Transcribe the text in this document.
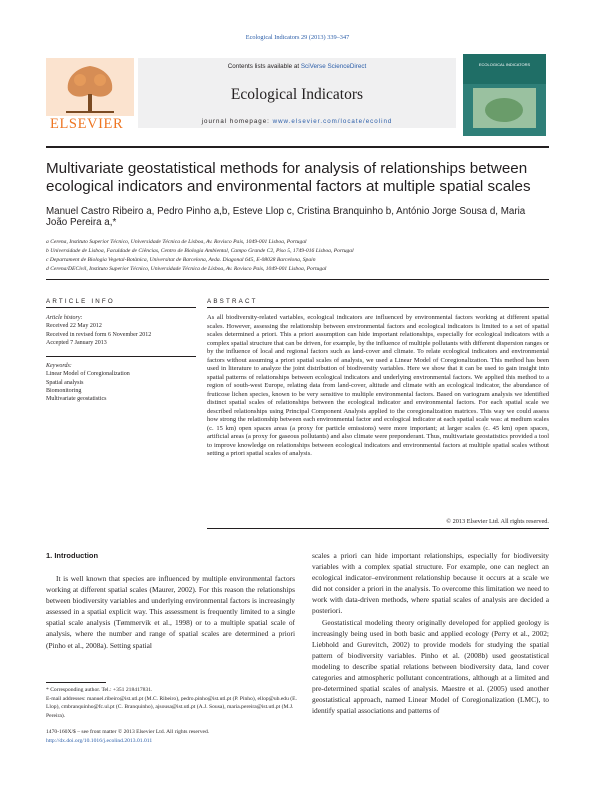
Ecological Indicators 29 (2013) 339–347
ELSEVIER
Contents lists available at SciVerse ScienceDirect
Ecological Indicators
journal homepage: www.elsevier.com/locate/ecolind
ECOLOGICAL INDICATORS
Multivariate geostatistical methods for analysis of relationships between ecological indicators and environmental factors at multiple spatial scales
Manuel Castro Ribeiro a, Pedro Pinho a,b, Esteve Llop c, Cristina Branquinho b, António Jorge Sousa d, Maria João Pereira a,*
a Cerena, Instituto Superior Técnico, Universidade Técnica de Lisboa, Av. Rovisco Pais, 1049-001 Lisboa, Portugal
b Universidade de Lisboa, Faculdade de Ciências, Centro de Biologia Ambiental, Campo Grande C2, Piso 5, 1749-016 Lisboa, Portugal
c Departament de Biologia Vegetal-Botànica, Universitat de Barcelona, Avda. Diagonal 645, E-08028 Barcelona, Spain
d Cerena/DECivil, Instituto Superior Técnico, Universidade Técnica de Lisboa, Av. Rovisco Pais, 1049-001 Lisboa, Portugal
ARTICLE INFO	ABSTRACT
Article history:
Received 22 May 2012
Received in revised form 6 November 2012
Accepted 7 January 2013
Keywords:
Linear Model of Coregionalization
Spatial analysis
Biomonitoring
Multivariate geostatistics
As all biodiversity-related variables, ecological indicators are influenced by environmental factors working at different spatial scales. However, assessing the relationship between environmental factors and ecological indicators is limited to a set of spatial scales determined a priori. This a priori assumption can hide important relationships, especially for ecological indicators with a complex spatial structure that can be driven, for example, by the influence of multiple pollutants with different dispersion ranges or by the influence of local and regional factors such as land-cover and climate. To relate ecological indicators and environmental factors without assuming a priori spatial scales of analysis, we used a Linear Model of Coregionalization. This method has been used in literature to analyze the joint distribution of biodiversity variables. Here we show that it can be used to gain insight into spatial patterns of relationships between ecological indicators and underlying environmental factors. We applied this method to a region of south-west Europe, relating data from land-cover, altitude and climate with an ecological indicator, the abundance of fruticose lichen species, known to be very sensitive to multiple environmental factors. Based on variogram analysis we identified distinct spatial scales of relationships between the ecological indicator and environmental factors. For each spatial scale we described relationships using Principal Component Analysis applied to the coregionalization matrices. This way we could assess how strong the relationship between each environmental factor and ecological indicator at each spatial scale was: at medium scales (c. 15 km) open spaces areas (a proxy for particle emissions) were more important; at larger scales (c. 45 km) open spaces, artificial areas (a proxy for gaseous pollutants) and also climate were preponderant. Thus, multivariate geostatistics provided a tool to improve knowledge on relationships between ecological indicators and environmental factors at multiple spatial scales without setting a priori spatial scales of analysis.
© 2013 Elsevier Ltd. All rights reserved.
1. Introduction

It is well known that species are influenced by multiple environmental factors working at different spatial scales (Maurer, 2002). For this reason the relationships between biodiversity variables and underlying environmental factors is increasingly assessed in a spatial explicit way. This assessment is frequently limited to a single spatial scale analysis (Tømmervik et al., 1998) or to a multiple spatial scale of analysis, where the number and range of spatial scales are determined a priori (Pinho et al., 2008a). Setting spatial

scales a priori can hide important relationships, especially for biodiversity variables with a complex spatial structure. For example, one can neglect an ecological indicator–environment relationship because it occurs at a scale we did not consider a priori in the analysis. To overcome this limitation we need to work with data-driven methods, where spatial scales of analysis are decided a posteriori.

Geostatistical modeling theory originally developed for applied geology is increasingly being used in both basic and applied ecology (Perry et al., 2002; Liebhold and Gurevitch, 2002) to provide models for studying the spatial pattern of biodiversity variables. Pinho et al. (2008b) used geostatistical modeling to describe spatial relations between biodiversity data, land cover categories and atmospheric pollutant concentrations, although at a limited and pre-determined spatial scales of analysis. Maestre et al. (2005) used another geostatistical approach, named Linear Model of Coregionalization (LMC), to identify spatial associations and patterns of

* Corresponding author. Tel.: +351 218417831.
E-mail addresses: manuel.ribeiro@ist.utl.pt (M.C. Ribeiro), pedro.pinho@ist.utl.pt (P. Pinho), ellop@ub.edu (E. Llop), cmbranquinho@fc.ul.pt (C. Branquinho), ajsousa@ist.utl.pt (A.J. Sousa), maria.pereira@ist.utl.pt (M.J. Pereira).
1470-160X/$ – see front matter © 2013 Elsevier Ltd. All rights reserved.
http://dx.doi.org/10.1016/j.ecolind.2013.01.011
